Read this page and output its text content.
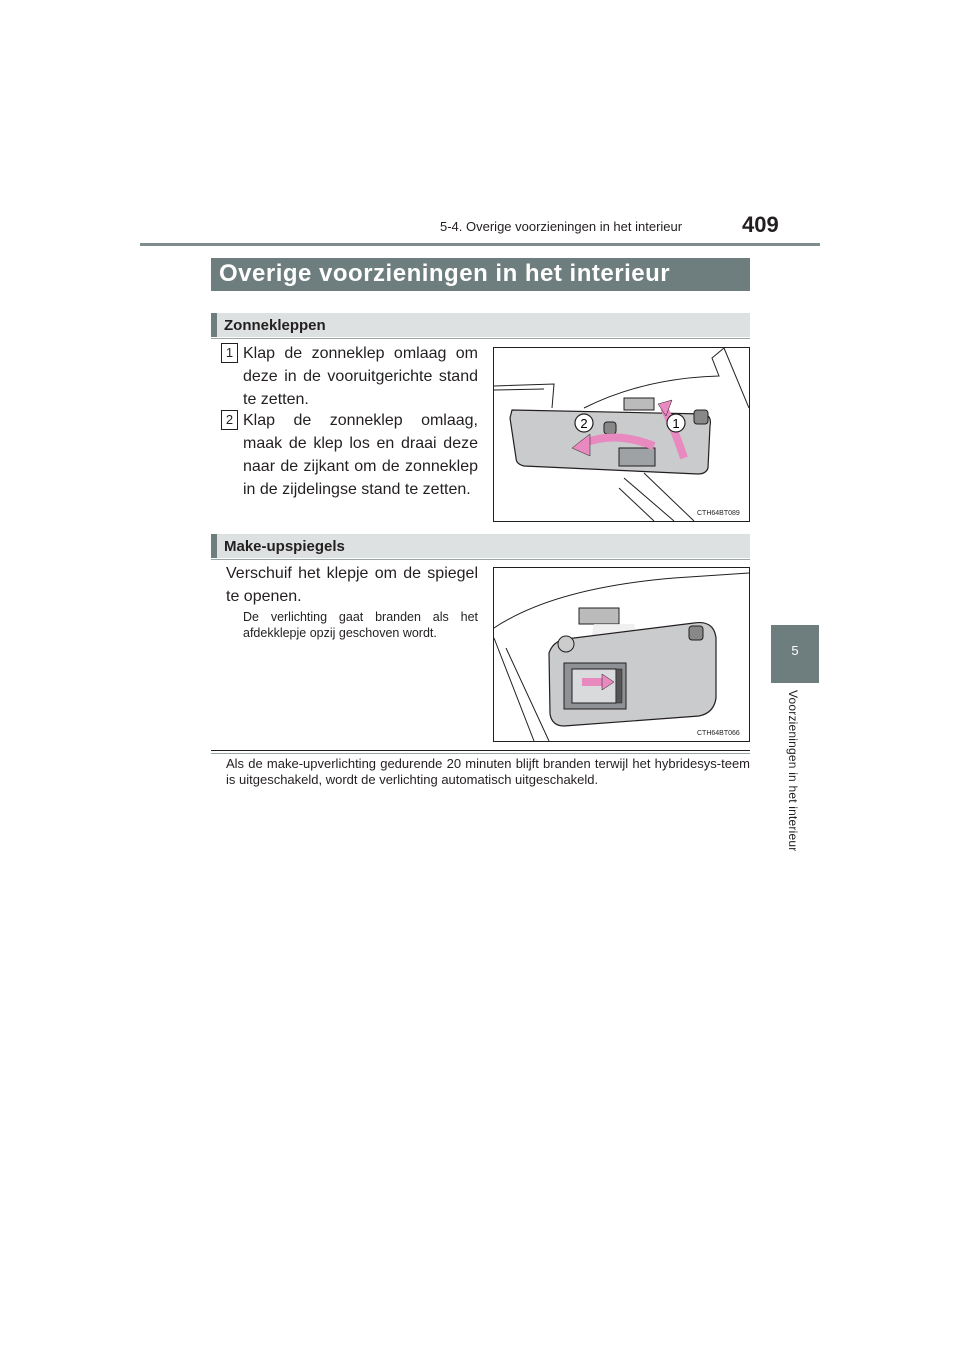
5-4. Overige voorzieningen in het interieur	409
5
Voorzieningen in het interieur
Overige voorzieningen in het interieur
Zonnekleppen
1 Klap de zonneklep omlaag om deze in de vooruitgerichte stand te zetten.
2 Klap de zonneklep omlaag, maak de klep los en draai deze naar de zijkant om de zonneklep in de zijdelingse stand te zetten.
2	1
CTH64BT089
Make-upspiegels
Verschuif het klepje om de spiegel te openen.
De verlichting gaat branden als het afdekklepje opzij geschoven wordt.
CTH64BT066
Als de make-upverlichting gedurende 20 minuten blijft branden terwijl het hybridesys-teem is uitgeschakeld, wordt de verlichting automatisch uitgeschakeld.
